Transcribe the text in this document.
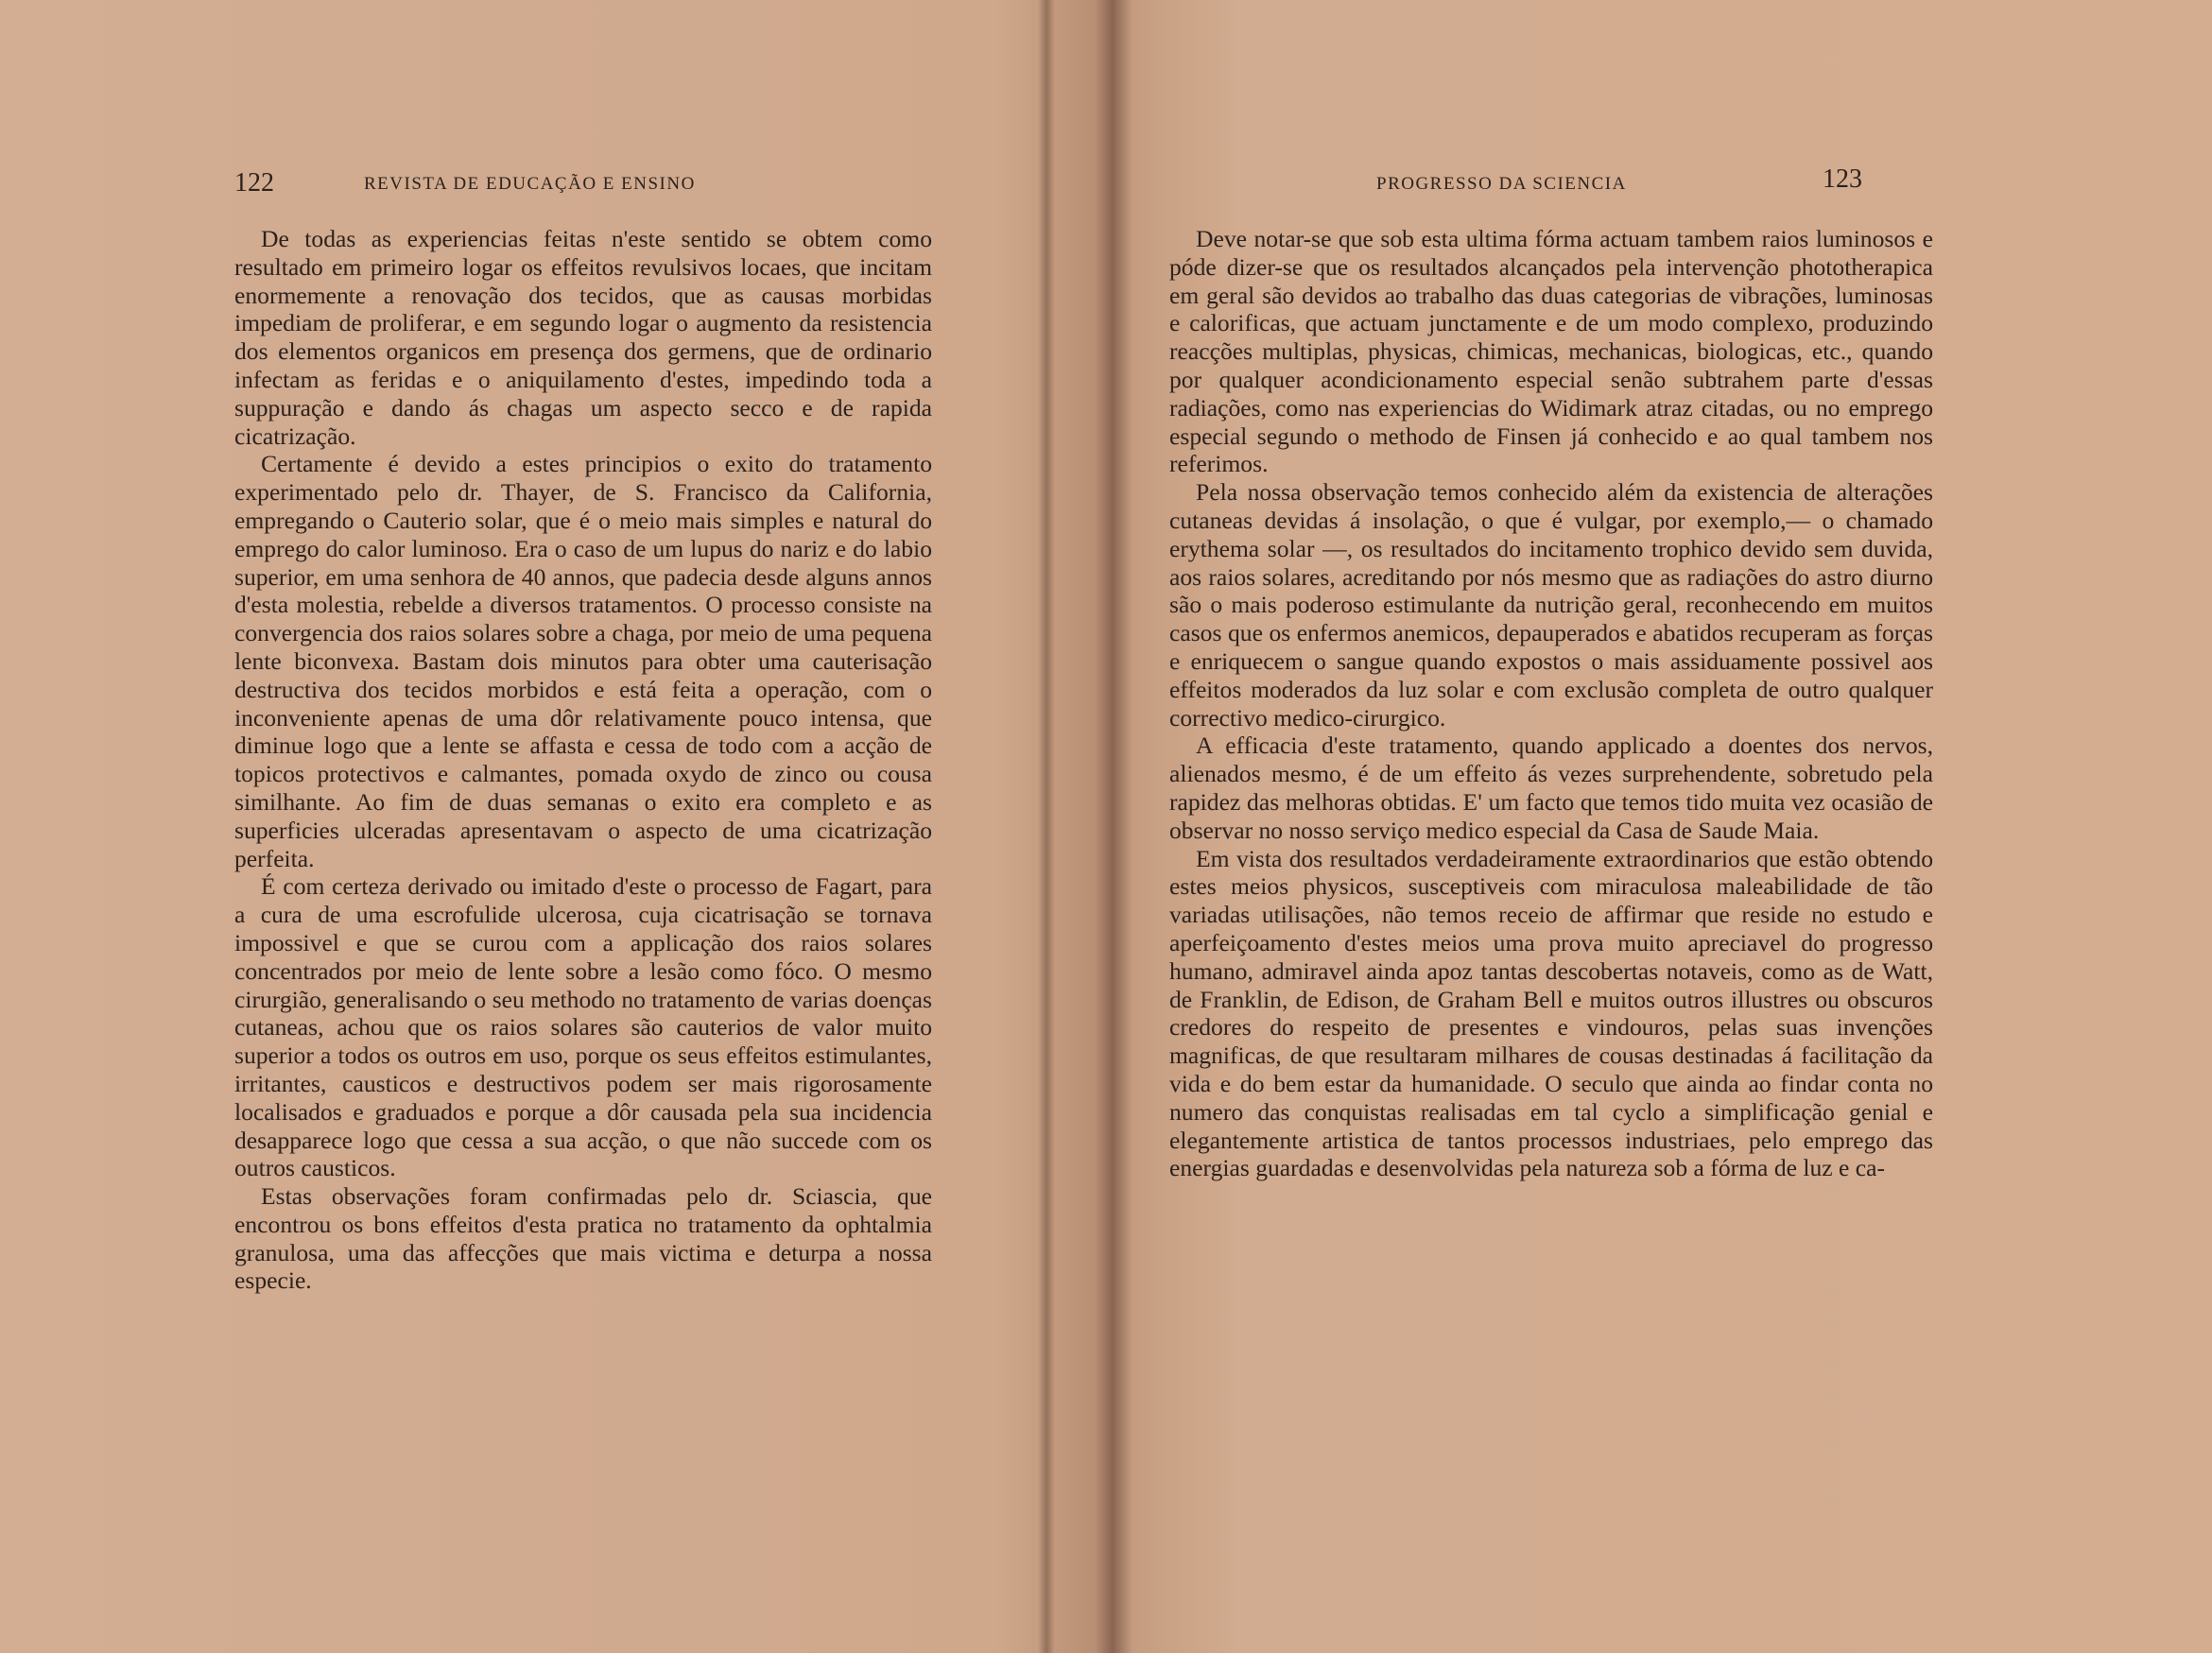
122	REVISTA DE EDUCAÇÃO E ENSINO

De todas as experiencias feitas n'este sentido se obtem como resultado em primeiro logar os effeitos revulsivos locaes, que incitam enormemente a renovação dos tecidos, que as causas morbidas impediam de proliferar, e em segundo logar o augmento da resistencia dos elementos organicos em presença dos germens, que de ordinario infectam as feridas e o aniquilamento d'estes, impedindo toda a suppuração e dando ás chagas um aspecto secco e de rapida cicatrização.

Certamente é devido a estes principios o exito do tratamento experimentado pelo dr. Thayer, de S. Francisco da California, empregando o Cauterio solar, que é o meio mais simples e natural do emprego do calor luminoso. Era o caso de um lupus do nariz e do labio superior, em uma senhora de 40 annos, que padecia desde alguns annos d'esta molestia, rebelde a diversos tratamentos. O processo consiste na convergencia dos raios solares sobre a chaga, por meio de uma pequena lente biconvexa. Bastam dois minutos para obter uma cauterisação destructiva dos tecidos morbidos e está feita a operação, com o inconveniente apenas de uma dôr relativamente pouco intensa, que diminue logo que a lente se affasta e cessa de todo com a acção de topicos protectivos e calmantes, pomada oxydo de zinco ou cousa similhante. Ao fim de duas semanas o exito era completo e as superficies ulceradas apresentavam o aspecto de uma cicatrização perfeita.

É com certeza derivado ou imitado d'este o processo de Fagart, para a cura de uma escrofulide ulcerosa, cuja cicatrisação se tornava impossivel e que se curou com a applicação dos raios solares concentrados por meio de lente sobre a lesão como fóco. O mesmo cirurgião, generalisando o seu methodo no tratamento de varias doenças cutaneas, achou que os raios solares são cauterios de valor muito superior a todos os outros em uso, porque os seus effeitos estimulantes, irritantes, causticos e destructivos podem ser mais rigorosamente localisados e graduados e porque a dôr causada pela sua incidencia desapparece logo que cessa a sua acção, o que não succede com os outros causticos.

Estas observações foram confirmadas pelo dr. Sciascia, que encontrou os bons effeitos d'esta pratica no tratamento da ophtalmia granulosa, uma das affecções que mais victima e deturpa a nossa especie.

PROGRESSO DA SCIENCIA	123

Deve notar-se que sob esta ultima fórma actuam tambem raios luminosos e póde dizer-se que os resultados alcançados pela intervenção phototherapica em geral são devidos ao trabalho das duas categorias de vibrações, luminosas e calorificas, que actuam junctamente e de um modo complexo, produzindo reacções multiplas, physicas, chimicas, mechanicas, biologicas, etc., quando por qualquer acondicionamento especial senão subtrahem parte d'essas radiações, como nas experiencias do Widimark atraz citadas, ou no emprego especial segundo o methodo de Finsen já conhecido e ao qual tambem nos referimos.

Pela nossa observação temos conhecido além da existencia de alterações cutaneas devidas á insolação, o que é vulgar, por exemplo,— o chamado erythema solar —, os resultados do incitamento trophico devido sem duvida, aos raios solares, acreditando por nós mesmo que as radiações do astro diurno são o mais poderoso estimulante da nutrição geral, reconhecendo em muitos casos que os enfermos anemicos, depauperados e abatidos recuperam as forças e enriquecem o sangue quando expostos o mais assiduamente possivel aos effeitos moderados da luz solar e com exclusão completa de outro qualquer correctivo medico-cirurgico.

A efficacia d'este tratamento, quando applicado a doentes dos nervos, alienados mesmo, é de um effeito ás vezes surprehendente, sobretudo pela rapidez das melhoras obtidas. E' um facto que temos tido muita vez ocasião de observar no nosso serviço medico especial da Casa de Saude Maia.

Em vista dos resultados verdadeiramente extraordinarios que estão obtendo estes meios physicos, susceptiveis com miraculosa maleabilidade de tão variadas utilisações, não temos receio de affirmar que reside no estudo e aperfeiçoamento d'estes meios uma prova muito apreciavel do progresso humano, admiravel ainda apoz tantas descobertas notaveis, como as de Watt, de Franklin, de Edison, de Graham Bell e muitos outros illustres ou obscuros credores do respeito de presentes e vindouros, pelas suas invenções magnificas, de que resultaram milhares de cousas destinadas á facilitação da vida e do bem estar da humanidade. O seculo que ainda ao findar conta no numero das conquistas realisadas em tal cyclo a simplificação genial e elegantemente artistica de tantos processos industriaes, pelo emprego das energias guardadas e desenvolvidas pela natureza sob a fórma de luz e ca-
